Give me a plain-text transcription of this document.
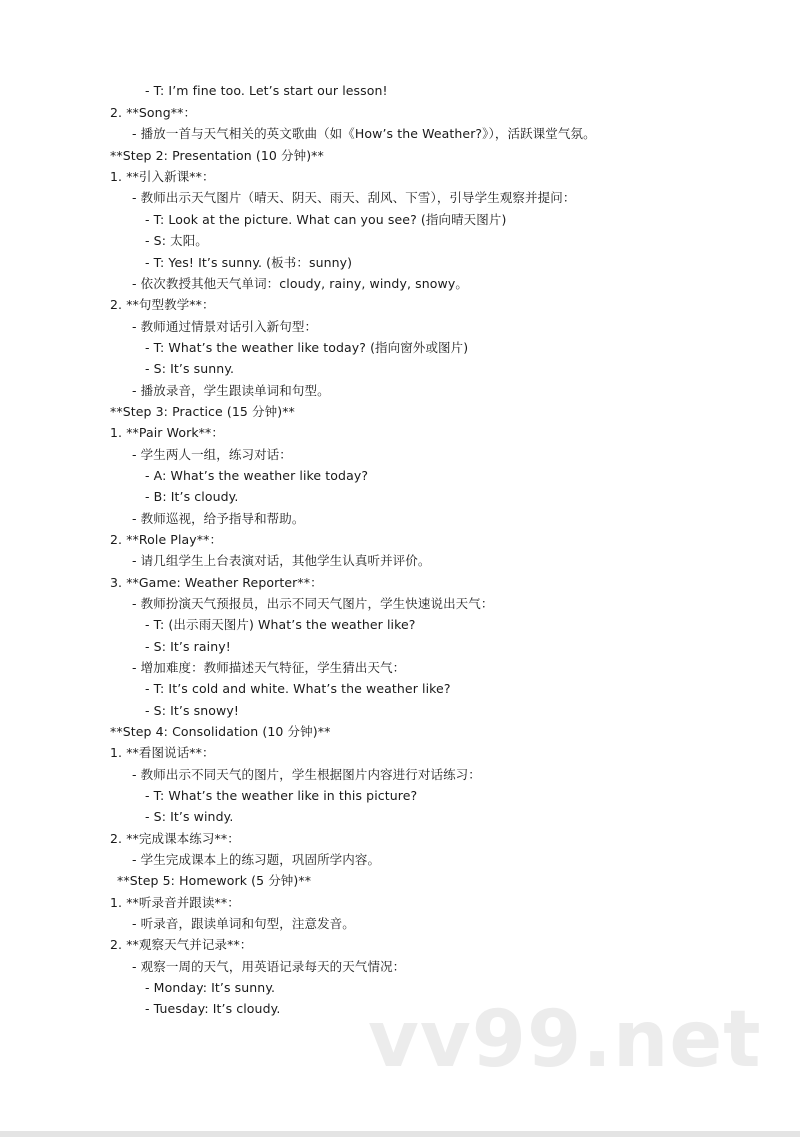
- T: I’m fine too. Let’s start our lesson!
2. **Song**：
- 播放一首与天气相关的英文歌曲（如《How’s the Weather?》），活跃课堂气氛。
**Step 2: Presentation (10 分钟)**
1. **引入新课**：
- 教师出示天气图片（晴天、阴天、雨天、刮风、下雪），引导学生观察并提问：
- T: Look at the picture. What can you see? (指向晴天图片)
- S: 太阳。
- T: Yes! It’s sunny. (板书：sunny)
- 依次教授其他天气单词：cloudy, rainy, windy, snowy。
2. **句型教学**：
- 教师通过情景对话引入新句型：
- T: What’s the weather like today? (指向窗外或图片)
- S: It’s sunny.
- 播放录音，学生跟读单词和句型。
**Step 3: Practice (15 分钟)**
1. **Pair Work**：
- 学生两人一组，练习对话：
- A: What’s the weather like today?
- B: It’s cloudy.
- 教师巡视，给予指导和帮助。
2. **Role Play**：
- 请几组学生上台表演对话，其他学生认真听并评价。
3. **Game: Weather Reporter**：
- 教师扮演天气预报员，出示不同天气图片，学生快速说出天气：
- T: (出示雨天图片) What’s the weather like?
- S: It’s rainy!
- 增加难度：教师描述天气特征，学生猜出天气：
- T: It’s cold and white. What’s the weather like?
- S: It’s snowy!
**Step 4: Consolidation (10 分钟)**
1. **看图说话**：
- 教师出示不同天气的图片，学生根据图片内容进行对话练习：
- T: What’s the weather like in this picture?
- S: It’s windy.
2. **完成课本练习**：
- 学生完成课本上的练习题，巩固所学内容。
**Step 5: Homework (5 分钟)**
1. **听录音并跟读**：
- 听录音，跟读单词和句型，注意发音。
2. **观察天气并记录**：
- 观察一周的天气，用英语记录每天的天气情况：
- Monday: It’s sunny.
- Tuesday: It’s cloudy. vv99.net
